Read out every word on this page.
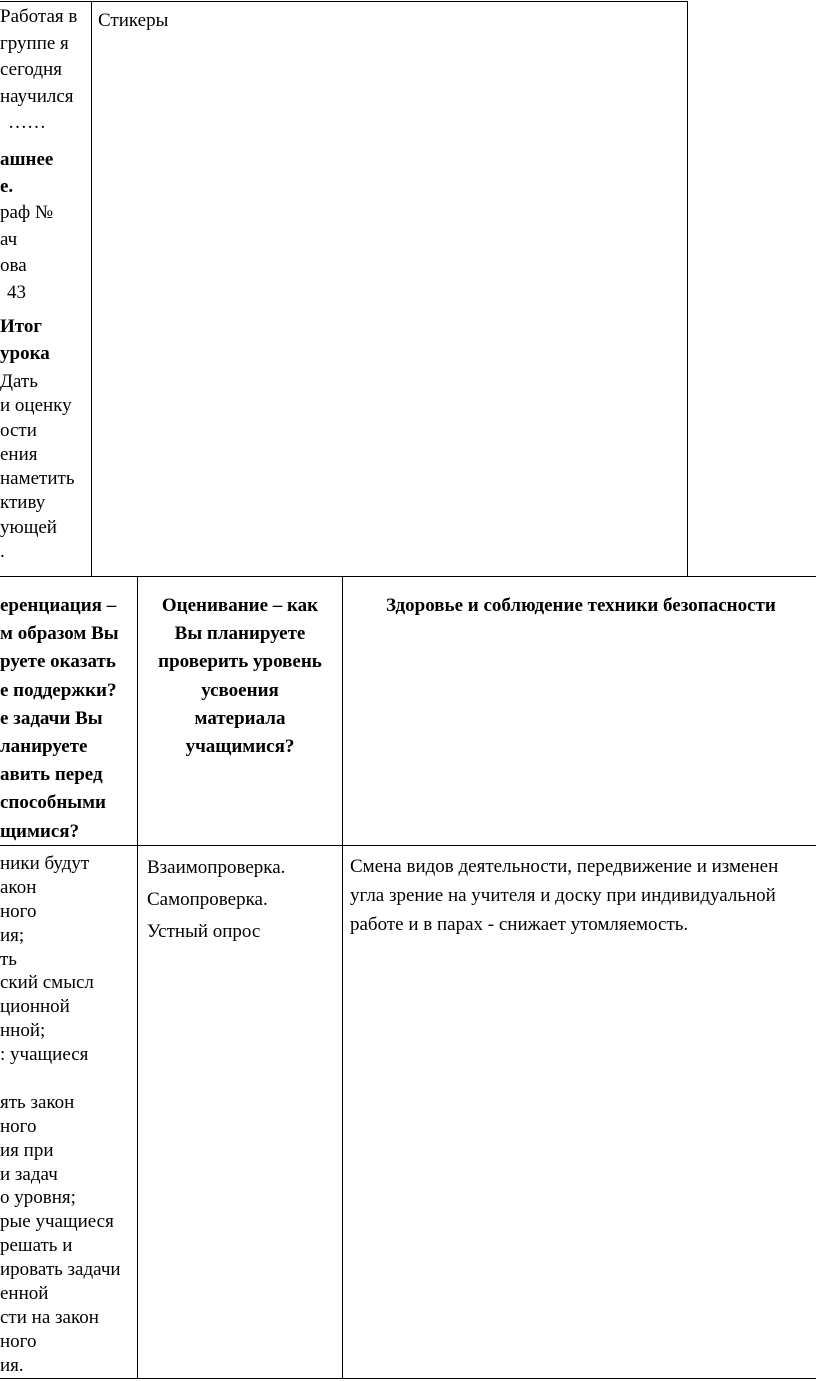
Работая в
группе я
сегодня
научился
……
ашнее
е.
раф №
ач
ова
43
Итог
урока
Дать
и оценку
ости
ения
наметить
ктиву
ующей
.
Стикеры
еренциация –
м образом Вы
руете оказать
е поддержки?
е задачи Вы
ланируете
авить перед
способными
щимися?
Оценивание – как
Вы планируете
проверить уровень
усвоения
материала
учащимися?
Здоровье и соблюдение техники безопасности
ники будут
акон
ного
ия;
ть
ский смысл
ционной
нной;
: учащиеся
ять закон
ного
ия при
и задач
о уровня;
рые учащиеся
решать и
ировать задачи
енной
сти на закон
ного
ия.
Взаимопроверка.
Самопроверка.
Устный опрос
Смена видов деятельности, передвижение и изменен
угла зрение на учителя и доску при индивидуальной
работе и в парах - снижает утомляемость.
